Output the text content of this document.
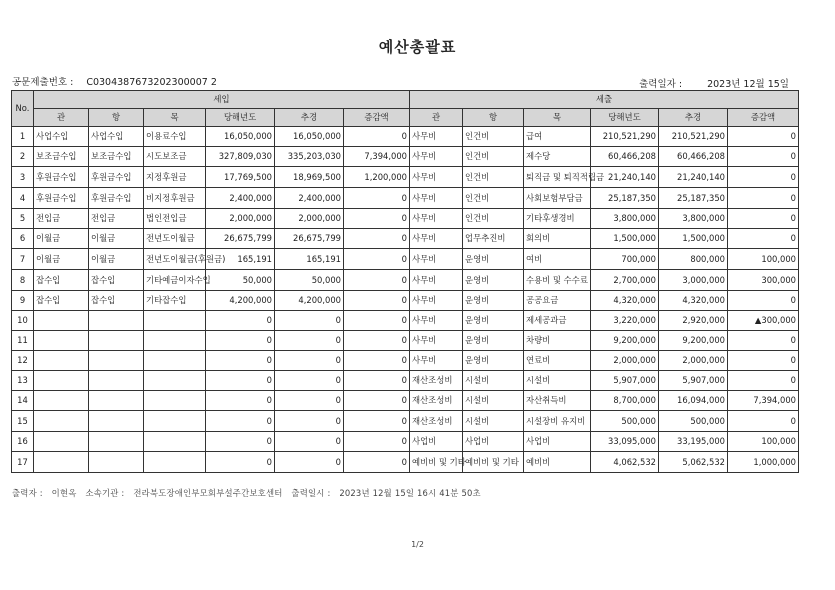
예산총괄표
공문제출번호 : C0304387673202300007 2	출력일자 :	2023년 12월 15일
No.	세입						세출					
	관	항	목	당해년도	추경	증감액	관	항	목	당해년도	추경	증감액
1	사업수입	사업수입	이용료수입	16,050,000	16,050,000	0	사무비	인건비	급여	210,521,290	210,521,290	0
2	보조금수입	보조금수입	시도보조금	327,809,030	335,203,030	7,394,000	사무비	인건비	제수당	60,466,208	60,466,208	0
3	후원금수입	후원금수입	지정후원금	17,769,500	18,969,500	1,200,000	사무비	인건비	퇴직금 및 퇴직적립금	21,240,140	21,240,140	0
4	후원금수입	후원금수입	비지정후원금	2,400,000	2,400,000	0	사무비	인건비	사회보험부담금	25,187,350	25,187,350	0
5	전입금	전입금	법인전입금	2,000,000	2,000,000	0	사무비	인건비	기타후생경비	3,800,000	3,800,000	0
6	이월금	이월금	전년도이월금	26,675,799	26,675,799	0	사무비	업무추진비	회의비	1,500,000	1,500,000	0
7	이월금	이월금	전년도이월금(후원금)	165,191	165,191	0	사무비	운영비	여비	700,000	800,000	100,000
8	잡수입	잡수입	기타예금이자수입	50,000	50,000	0	사무비	운영비	수용비 및 수수료	2,700,000	3,000,000	300,000
9	잡수입	잡수입	기타잡수입	4,200,000	4,200,000	0	사무비	운영비	공공요금	4,320,000	4,320,000	0
10				0	0	0	사무비	운영비	제세공과금	3,220,000	2,920,000	▲300,000
11				0	0	0	사무비	운영비	차량비	9,200,000	9,200,000	0
12				0	0	0	사무비	운영비	연료비	2,000,000	2,000,000	0
13				0	0	0	재산조성비	시설비	시설비	5,907,000	5,907,000	0
14				0	0	0	재산조성비	시설비	자산취득비	8,700,000	16,094,000	7,394,000
15				0	0	0	재산조성비	시설비	시설장비 유지비	500,000	500,000	0
16				0	0	0	사업비	사업비	사업비	33,095,000	33,195,000	100,000
17				0	0	0	예비비 및 기타	예비비 및 기타	예비비	4,062,532	5,062,532	1,000,000
출력자 : 이현옥 소속기관 : 전라북도장애인부모회부설주간보호센터 출력일시 : 2023년 12월 15일 16시 41분 50초
1/2
